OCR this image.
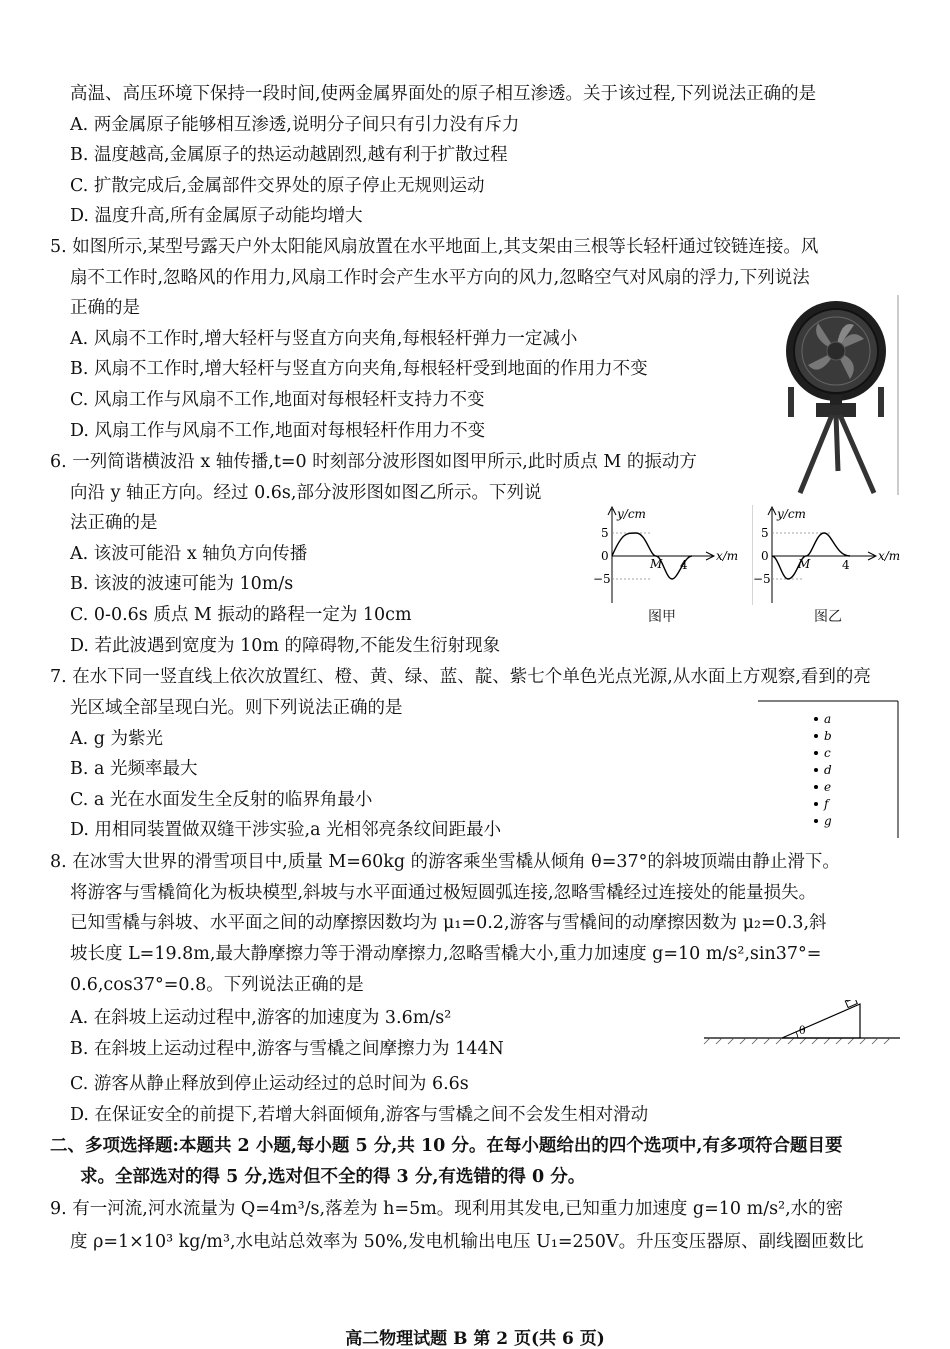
高温、高压环境下保持一段时间,使两金属界面处的原子相互渗透。关于该过程,下列说法正确的是
A. 两金属原子能够相互渗透,说明分子间只有引力没有斥力
B. 温度越高,金属原子的热运动越剧烈,越有利于扩散过程
C. 扩散完成后,金属部件交界处的原子停止无规则运动
D. 温度升高,所有金属原子动能均增大
5. 如图所示,某型号露天户外太阳能风扇放置在水平地面上,其支架由三根等长轻杆通过铰链连接。风
扇不工作时,忽略风的作用力,风扇工作时会产生水平方向的风力,忽略空气对风扇的浮力,下列说法
正确的是
A. 风扇不工作时,增大轻杆与竖直方向夹角,每根轻杆弹力一定减小
B. 风扇不工作时,增大轻杆与竖直方向夹角,每根轻杆受到地面的作用力不变
C. 风扇工作与风扇不工作,地面对每根轻杆支持力不变
D. 风扇工作与风扇不工作,地面对每根轻杆作用力不变
6. 一列简谐横波沿 x 轴传播,t=0 时刻部分波形图如图甲所示,此时质点 M 的振动方
向沿 y 轴正方向。经过 0.6s,部分波形图如图乙所示。下列说
法正确的是
A. 该波可能沿 x 轴负方向传播
B. 该波的波速可能为 10m/s
C. 0-0.6s 质点 M 振动的路程一定为 10cm
D. 若此波遇到宽度为 10m 的障碍物,不能发生衍射现象
y/cm
x/m
5
0
−5
M 4
图甲
y/cm
x/m
5
0
−5
M	4
图乙
7. 在水下同一竖直线上依次放置红、橙、黄、绿、蓝、靛、紫七个单色光点光源,从水面上方观察,看到的亮
光区域全部呈现白光。则下列说法正确的是
A. g 为紫光
B. a 光频率最大
C. a 光在水面发生全反射的临界角最小
D. 用相同装置做双缝干涉实验,a 光相邻亮条纹间距最小
a
b
c
d
e
f
g
8. 在冰雪大世界的滑雪项目中,质量 M=60kg 的游客乘坐雪橇从倾角 θ=37°的斜坡顶端由静止滑下。
将游客与雪橇简化为板块模型,斜坡与水平面通过极短圆弧连接,忽略雪橇经过连接处的能量损失。
已知雪橇与斜坡、水平面之间的动摩擦因数均为 μ₁=0.2,游客与雪橇间的动摩擦因数为 μ₂=0.3,斜
坡长度 L=19.8m,最大静摩擦力等于滑动摩擦力,忽略雪橇大小,重力加速度 g=10 m/s²,sin37°=
0.6,cos37°=0.8。下列说法正确的是
A. 在斜坡上运动过程中,游客的加速度为 3.6m/s²
B. 在斜坡上运动过程中,游客与雪橇之间摩擦力为 144N
C. 游客从静止释放到停止运动经过的总时间为 6.6s
D. 在保证安全的前提下,若增大斜面倾角,游客与雪橇之间不会发生相对滑动
θ
二、多项选择题:本题共 2 小题,每小题 5 分,共 10 分。在每小题给出的四个选项中,有多项符合题目要
求。全部选对的得 5 分,选对但不全的得 3 分,有选错的得 0 分。
9. 有一河流,河水流量为 Q=4m³/s,落差为 h=5m。现利用其发电,已知重力加速度 g=10 m/s²,水的密
度 ρ=1×10³ kg/m³,水电站总效率为 50%,发电机输出电压 U₁=250V。升压变压器原、副线圈匝数比
高二物理试题 B 第 2 页(共 6 页)
